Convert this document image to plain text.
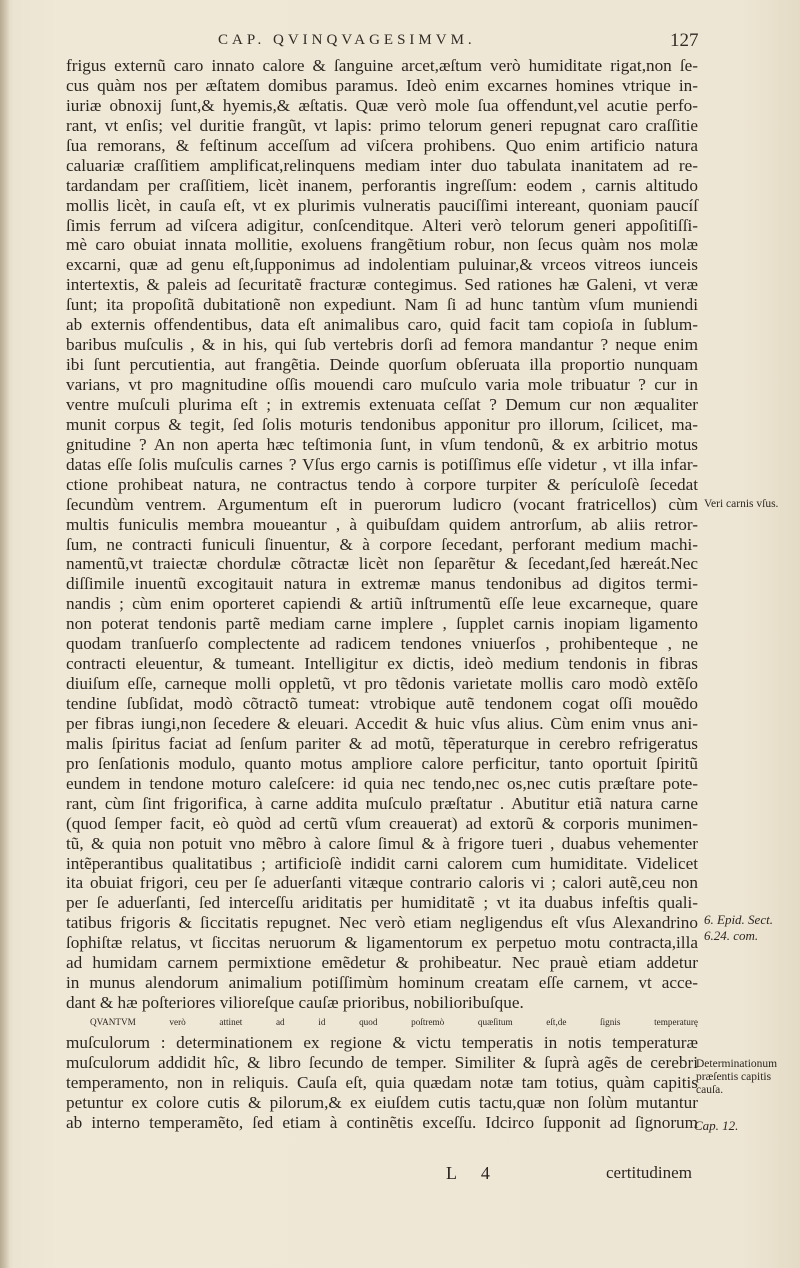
CAP. QVINQVAGESIMVM.	127
frigus externũ caro innato calore & ſanguine arcet,æſtum verò humiditate rigat,non ſe-
cus quàm nos per æſtatem domibus paramus. Ideò enim excarnes homines vtrique in-
iuriæ obnoxij ſunt,& hyemis,& æſtatis. Quæ verò mole ſua offendunt,vel acutie perfo-
rant, vt enſis; vel duritie frangũt, vt lapis: primo telorum generi repugnat caro craſſitie
ſua remorans, & feſtinum acceſſum ad viſcera prohibens. Quo enim artificio natura
caluariæ craſſitiem amplificat,relinquens mediam inter duo tabulata inanitatem ad re-
tardandam per craſſitiem, licèt inanem, perforantis ingreſſum: eodem , carnis altitudo
mollis licèt, in cauſa eſt, vt ex plurimis vulneratis pauciſſimi intereant, quoniam paucíſ
ſimis ferrum ad viſcera adigitur, conſcenditque. Alteri verò telorum generi appoſitiſſi-
mè caro obuiat innata mollitie, exoluens frangẽtium robur, non ſecus quàm nos molæ
excarni, quæ ad genu eſt,ſupponimus ad indolentiam puluinar,& vrceos vitreos iunceis
intertextis, & paleis ad ſecuritatẽ fracturæ contegimus. Sed rationes hæ Galeni, vt veræ
ſunt; ita propoſitã dubitationẽ non expediunt. Nam ſi ad hunc tantùm vſum muniendi
ab externis offendentibus, data eſt animalibus caro, quid facit tam copioſa in ſublum-
baribus muſculis , & in his, qui ſub vertebris dorſi ad femora mandantur ? neque enim
ibi ſunt percutientia, aut frangẽtia. Deinde quorſum obſeruata illa proportio nunquam
varians, vt pro magnitudine oſſis mouendi caro muſculo varia mole tribuatur ? cur in
ventre muſculi plurima eſt ; in extremis extenuata ceſſat ? Demum cur non æqualiter
munit corpus & tegit, ſed ſolis moturis tendonibus apponitur pro illorum, ſcilicet, ma-
gnitudine ? An non aperta hæc teſtimonia ſunt, in vſum tendonũ, & ex arbitrio motus
datas eſſe ſolis muſculis carnes ? Vſus ergo carnis is potiſſimus eſſe videtur , vt illa infar-
ctione prohibeat natura, ne contractus tendo à corpore turpiter & perículoſè ſecedat
ſecundùm ventrem. Argumentum eſt in puerorum ludicro (vocant fratricellos) cùm
multis funiculis membra moueantur , à quibuſdam quidem antrorſum, ab aliis retror-
ſum, ne contracti funiculi ſinuentur, & à corpore ſecedant, perforant medium machi-
namentũ,vt traiectæ chordulæ cõtractæ licèt non ſeparẽtur & ſecedant,ſed hæreát.Nec
diſſimile inuentũ excogitauit natura in extremæ manus tendonibus ad digitos termi-
nandis ; cùm enim oporteret capiendi & artiũ inſtrumentũ eſſe leue excarneque, quare
non poterat tendonis partẽ mediam carne implere , ſupplet carnis inopiam ligamento
quodam tranſuerſo complectente ad radicem tendones vniuerſos , prohibenteque , ne
contracti eleuentur, & tumeant. Intelligitur ex dictis, ideò medium tendonis in fibras
diuiſum eſſe, carneque molli oppletũ, vt pro tẽdonis varietate mollis caro modò extẽſo
tendine ſubſidat, modò cõtractõ tumeat: vtrobique autẽ tendonem cogat oſſi mouẽdo
per fibras iungi,non ſecedere & eleuari. Accedit & huic vſus alius. Cùm enim vnus ani-
malis ſpiritus faciat ad ſenſum pariter & ad motũ, tẽperaturque in cerebro refrigeratus
pro ſenſationis modulo, quanto motus ampliore calore perficitur, tanto oportuit ſpiritũ
eundem in tendone moturo caleſcere: id quia nec tendo,nec os,nec cutis præſtare pote-
rant, cùm ſint frigorifica, à carne addita muſculo præſtatur . Abutitur etiã natura carne
(quod ſemper facit, eò quòd ad certũ vſum creauerat) ad extorũ & corporis munimen-
tũ, & quia non potuit vno mẽbro à calore ſimul & à frigore tueri , duabus vehementer
intẽperantibus qualitatibus ; artificioſè indidit carni calorem cum humiditate. Videlicet
ita obuiat frigori, ceu per ſe aduerſanti vitæque contrario caloris vi ; calori autẽ,ceu non
per ſe aduerſanti, ſed interceſſu ariditatis per humiditatẽ ; vt ita duabus infeſtis quali-
tatibus frigoris & ſiccitatis repugnet. Nec verò etiam negligendus eſt vſus Alexandrino
ſophiſtæ relatus, vt ſiccitas neruorum & ligamentorum ex perpetuo motu contracta,illa
ad humidam carnem permixtione emẽdetur & prohibeatur. Nec prauè etiam addetur
in munus alendorum animalium potiſſimùm hominum creatam eſſe carnem, vt acce-
dant & hæ poſteriores vilioreſque cauſæ prioribus, nobilioribuſque.
QVANTVM verò attinet ad id quod poſtremò quæſitum eſt,de ſignis temperaturę
muſculorum : determinationem ex regione & victu temperatis in notis temperaturæ
muſculorum addidit hîc, & libro ſecundo de temper. Similiter & ſuprà agẽs de cerebri
temperamento, non in reliquis. Cauſa eſt, quia quædam notæ tam totius, quàm capitis
petuntur ex colore cutis & pilorum,& ex eiuſdem cutis tactu,quæ non ſolùm mutantur
ab interno temperamẽto, ſed etiam à continẽtis exceſſu. Idcirco ſupponit ad ſignorum
Veri carnis vſus.
6. Epid. Sect. 6.24. com.
Determinationum præſentis capitis cauſa.
Cap. 12.
L 4	certitudinem
